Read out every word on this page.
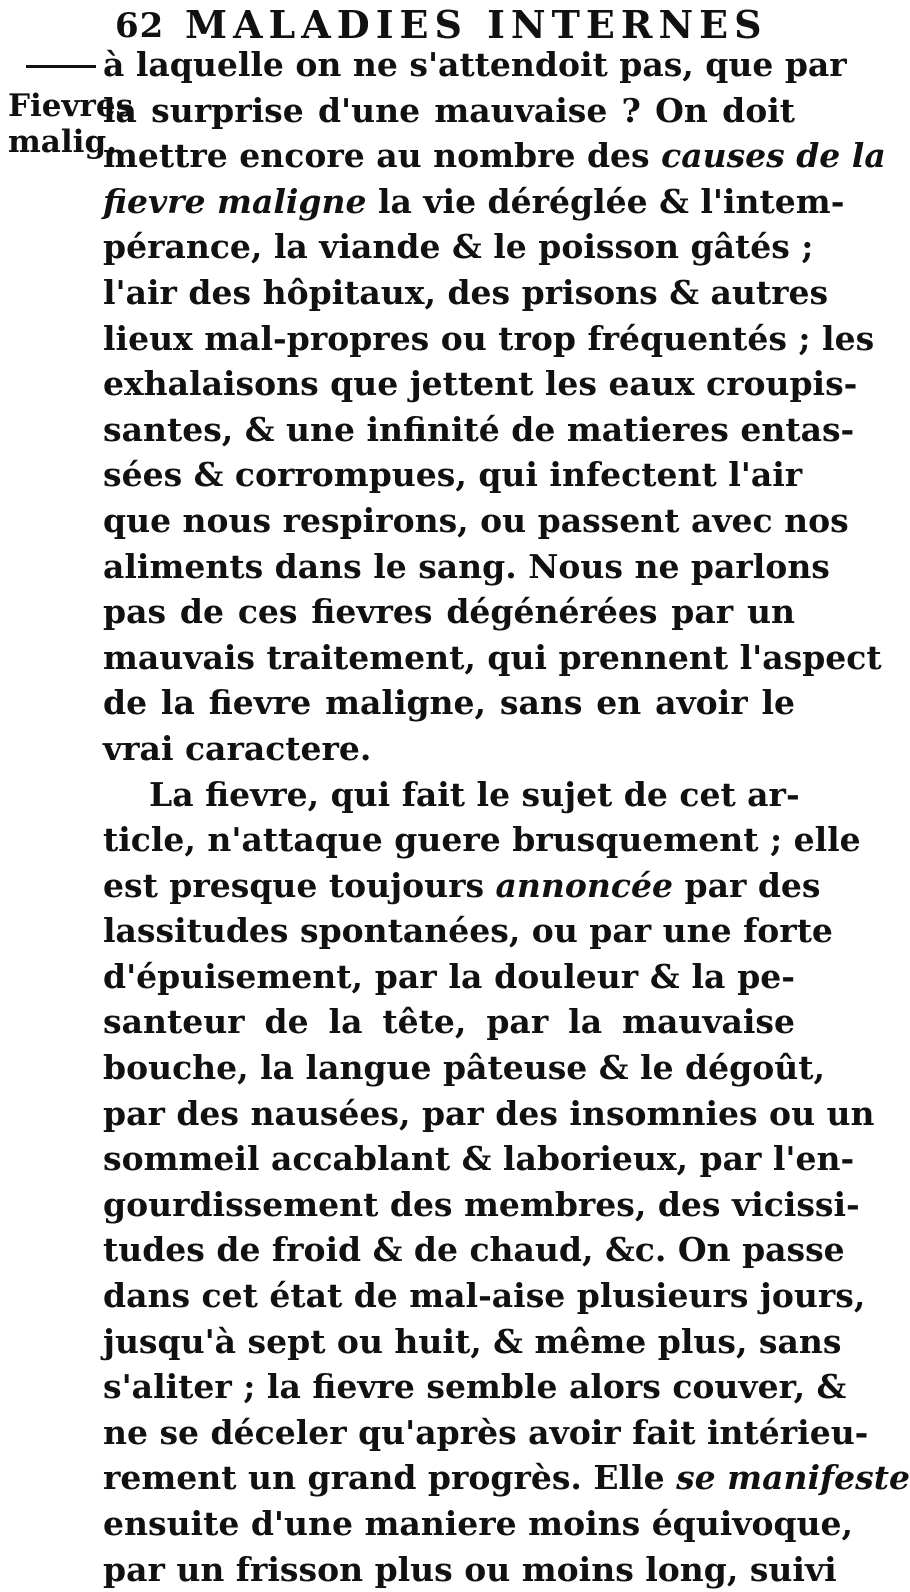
62 MALADIES INTERNES
Fievres
malig.
à laquelle on ne s'attendoit pas, que par
la surprise d'une mauvaise ? On doit
mettre encore au nombre des causes de la
fievre maligne la vie déréglée & l'intem-
pérance, la viande & le poisson gâtés ;
l'air des hôpitaux, des prisons & autres
lieux mal-propres ou trop fréquentés ; les
exhalaisons que jettent les eaux croupis-
santes, & une infinité de matieres entas-
sées & corrompues, qui infectent l'air
que nous respirons, ou passent avec nos
aliments dans le sang. Nous ne parlons
pas de ces fievres dégénérées par un
mauvais traitement, qui prennent l'aspect
de la fievre maligne, sans en avoir le
vrai caractere.
La fievre, qui fait le sujet de cet ar-
ticle, n'attaque guere brusquement ; elle
est presque toujours annoncée par des
lassitudes spontanées, ou par une forte
d'épuisement, par la douleur & la pe-
santeur de la tête, par la mauvaise
bouche, la langue pâteuse & le dégoût,
par des nausées, par des insomnies ou un
sommeil accablant & laborieux, par l'en-
gourdissement des membres, des vicissi-
tudes de froid & de chaud, &c. On passe
dans cet état de mal-aise plusieurs jours,
jusqu'à sept ou huit, & même plus, sans
s'aliter ; la fievre semble alors couver, &
ne se déceler qu'après avoir fait intérieu-
rement un grand progrès. Elle se manifeste
ensuite d'une maniere moins équivoque,
par un frisson plus ou moins long, suivi
